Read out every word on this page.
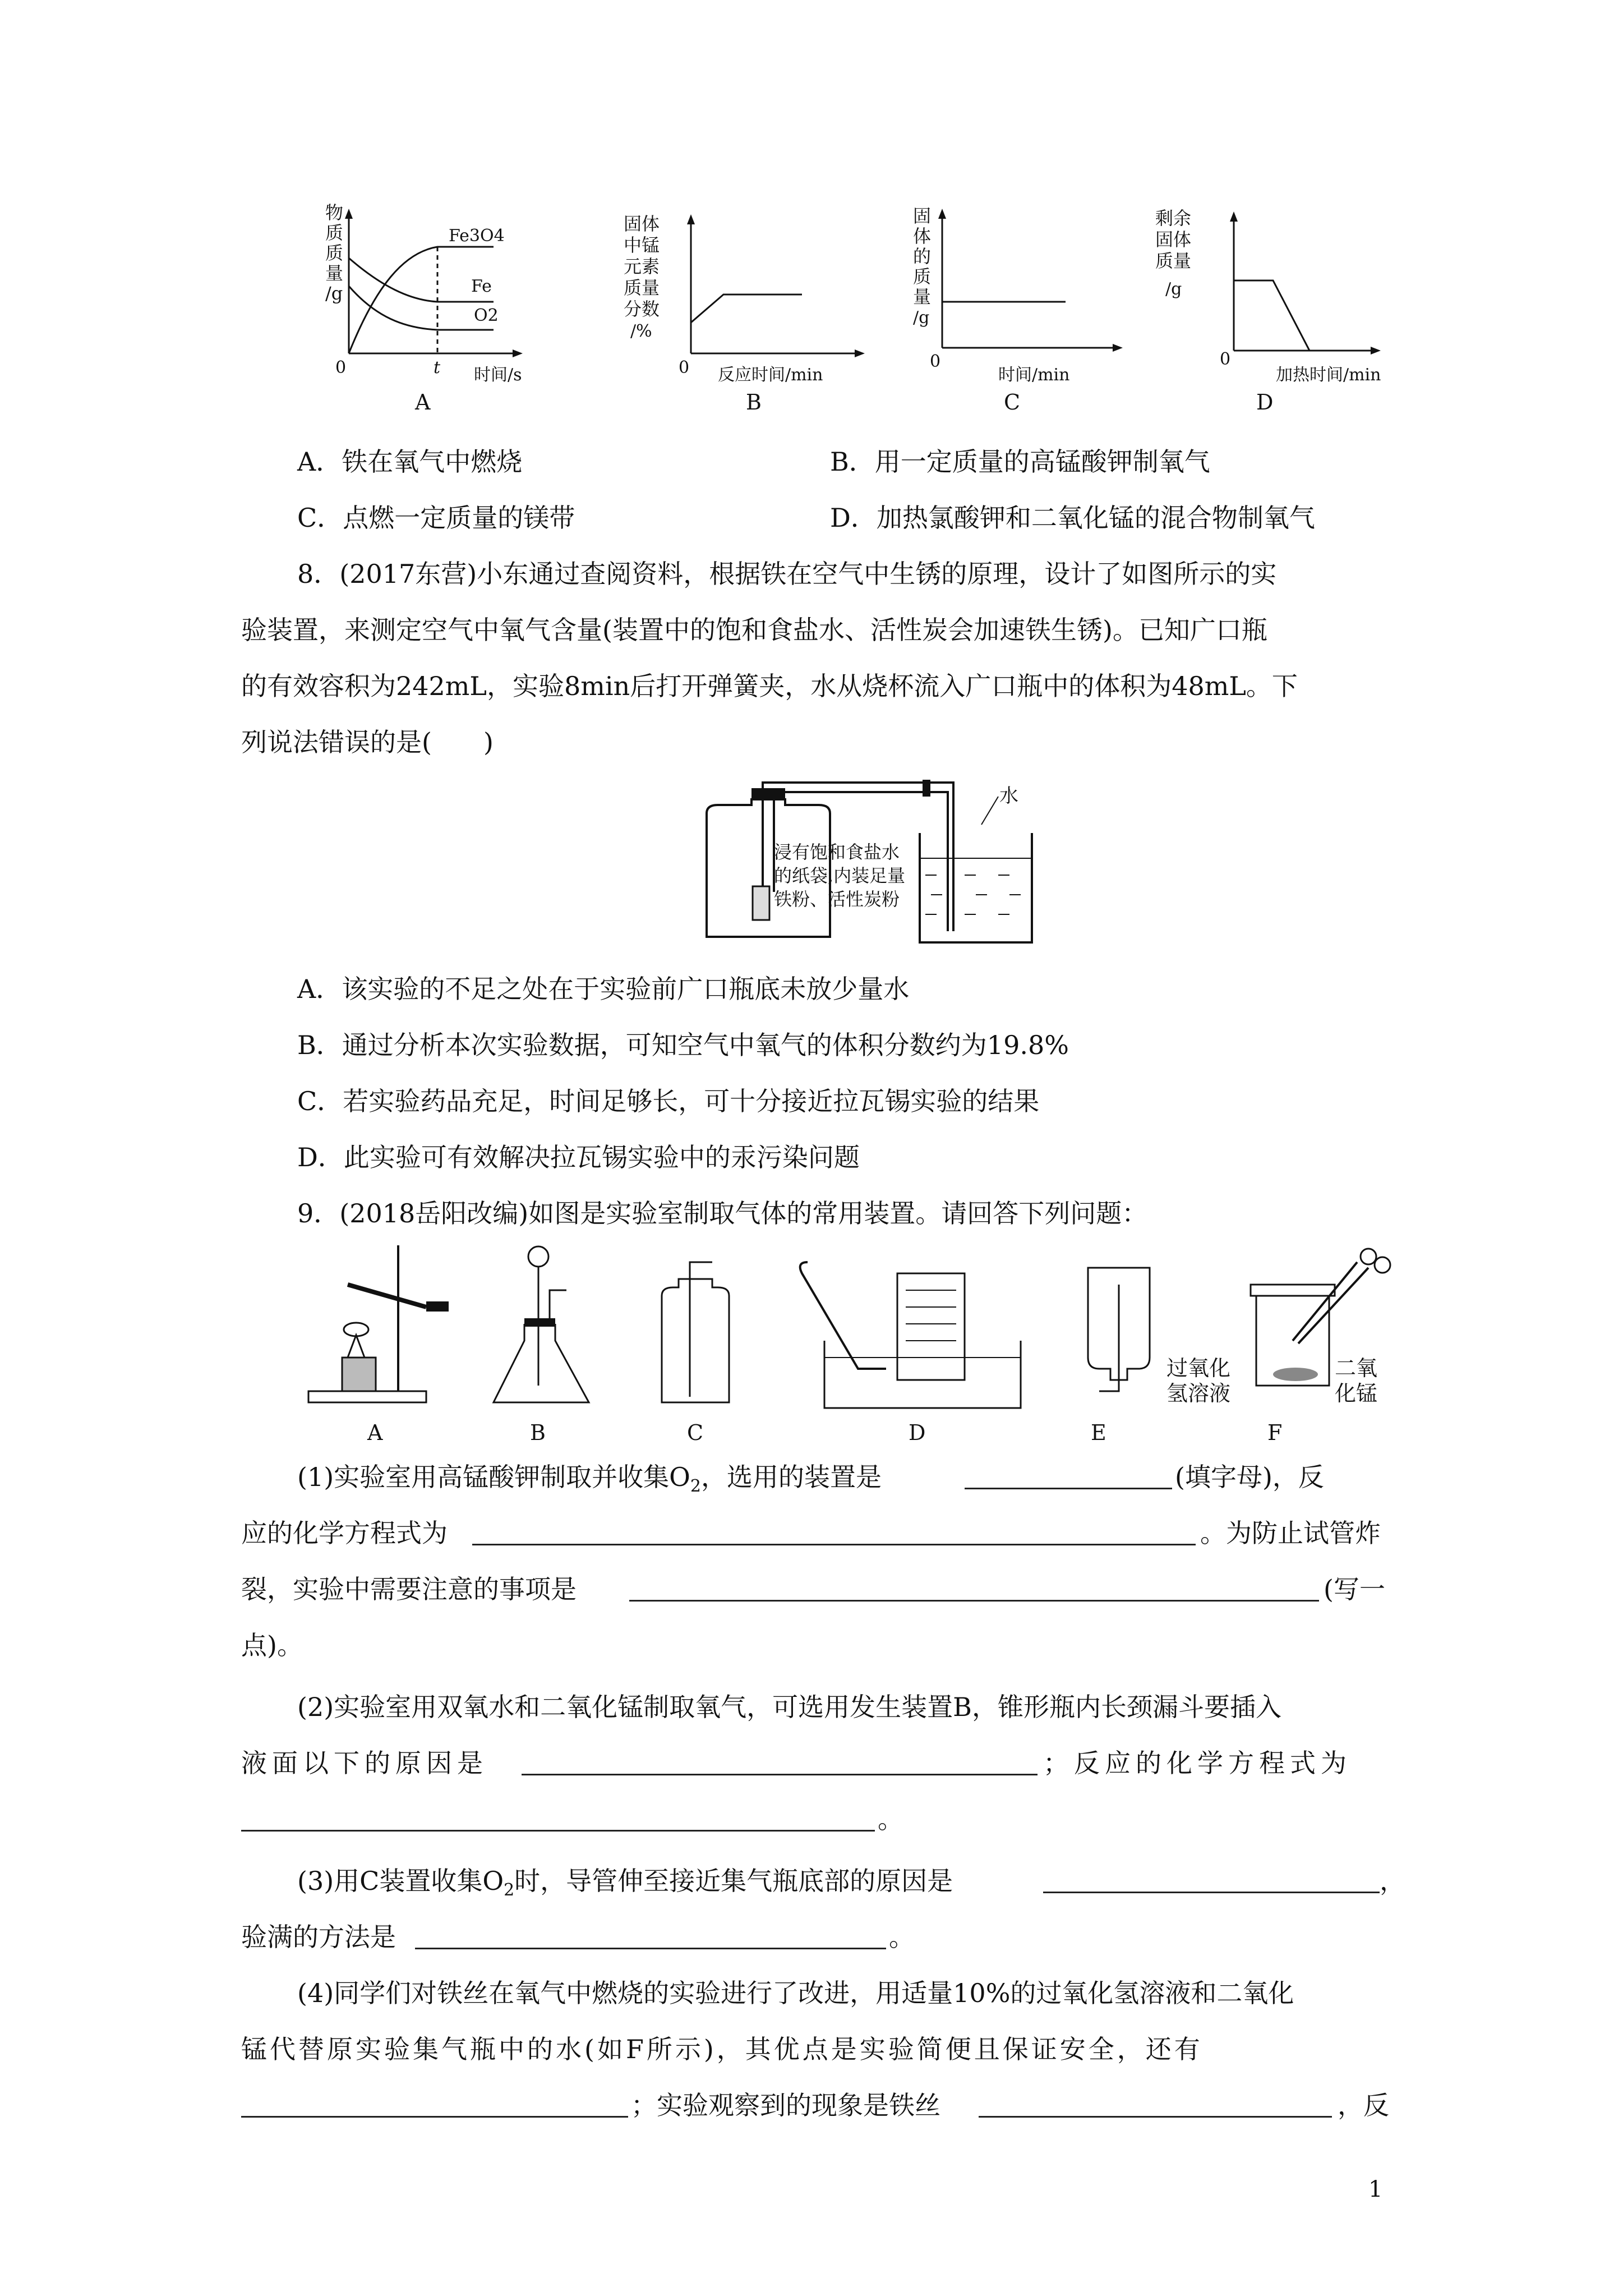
物
质
质
量
/g
Fe3O4
Fe
O2
0	t 时间/s
A
固体
中锰
元素
质量
分数
/%
0 反应时间/min
B
固
体
的
质
量
/g
0
时间/min
C
剩余
固体
质量
/g
0
加热时间/min
D
A．铁在氧气中燃烧	B．用一定质量的高锰酸钾制氧气
C．点燃一定质量的镁带	D．加热氯酸钾和二氧化锰的混合物制氧气
8．(2017东营)小东通过查阅资料，根据铁在空气中生锈的原理，设计了如图所示的实
验装置，来测定空气中氧气含量(装置中的饱和食盐水、活性炭会加速铁生锈)。已知广口瓶
的有效容积为242mL，实验8min后打开弹簧夹，水从烧杯流入广口瓶中的体积为48mL。下
列说法错误的是(　　)
浸有饱和食盐水
的纸袋,内装足量
铁粉、活性炭粉
水
A．该实验的不足之处在于实验前广口瓶底未放少量水
B．通过分析本次实验数据，可知空气中氧气的体积分数约为19.8%
C．若实验药品充足，时间足够长，可十分接近拉瓦锡实验的结果
D．此实验可有效解决拉瓦锡实验中的汞污染问题
9．(2018岳阳改编)如图是实验室制取气体的常用装置。请回答下列问题：
A	B	C	D	E	F
过氧化
氢溶液
二氧
化锰
(1)实验室用高锰酸钾制取并收集$O_2$，选用的装置是	(填字母)，反
应的化学方程式为	。为防止试管炸
裂，实验中需要注意的事项是	(写一
点)。
(2)实验室用双氧水和二氧化锰制取氧气，可选用发生装置B，锥形瓶内长颈漏斗要插入
液面以下的原因是	；反应的化学方程式为
。
(3)用C装置收集$O_2$时，导管伸至接近集气瓶底部的原因是	，
验满的方法是	。
(4)同学们对铁丝在氧气中燃烧的实验进行了改进，用适量10%的过氧化氢溶液和二氧化
锰代替原实验集气瓶中的水(如F所示)，其优点是实验简便且保证安全，还有
；实验观察到的现象是铁丝	，反
1
